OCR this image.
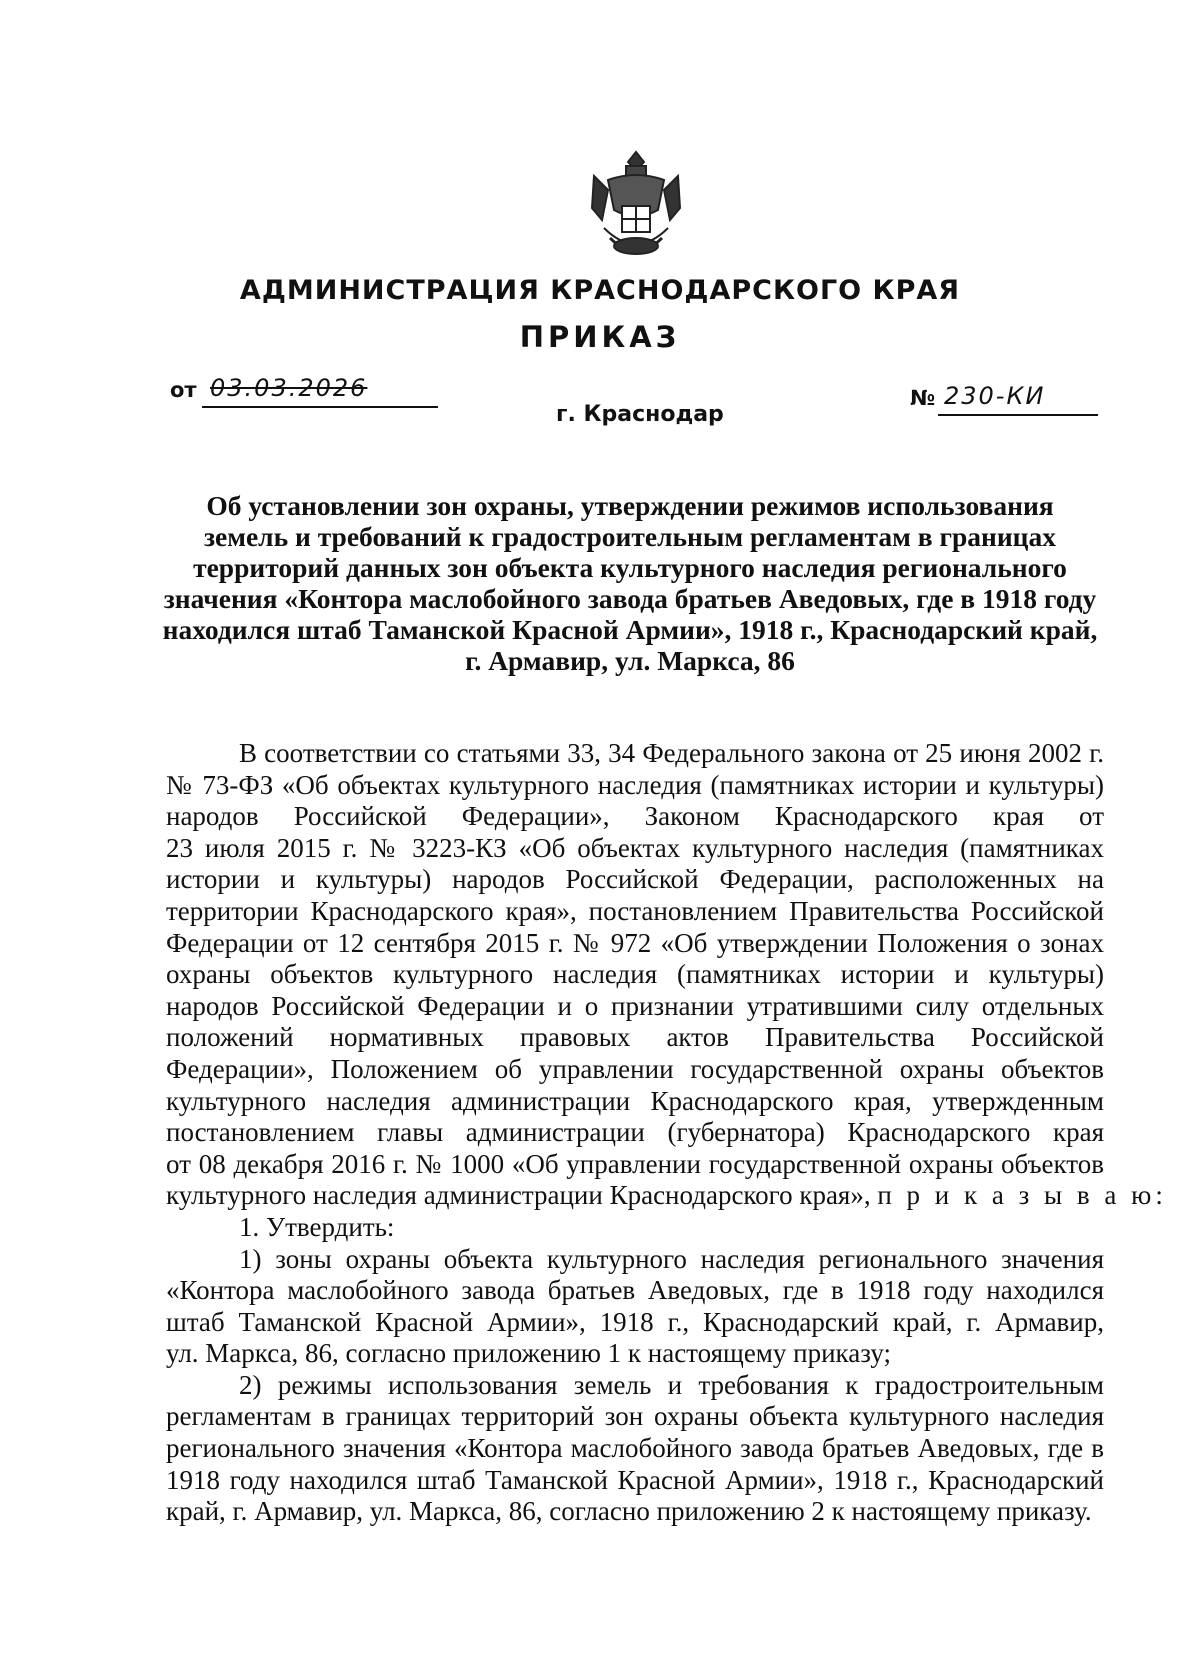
АДМИНИСТРАЦИЯ КРАСНОДАРСКОГО КРАЯ
ПРИКАЗ
от 03.03.2026	№ 230-КИ
г. Краснодар
Об установлении зон охраны, утверждении режимов использования
земель и требований к градостроительным регламентам в границах
территорий данных зон объекта культурного наследия регионального
значения «Контора маслобойного завода братьев Аведовых, где в 1918 году
находился штаб Таманской Красной Армии», 1918 г., Краснодарский край,
г. Армавир, ул. Маркса, 86
В соответствии со статьями 33, 34 Федерального закона от 25 июня 2002 г.
№ 73-ФЗ «Об объектах культурного наследия (памятниках истории и культуры)
народов Российской Федерации», Законом Краснодарского края от
23 июля 2015 г. № 3223-КЗ «Об объектах культурного наследия (памятниках
истории и культуры) народов Российской Федерации, расположенных на
территории Краснодарского края», постановлением Правительства Российской
Федерации от 12 сентября 2015 г. № 972 «Об утверждении Положения о зонах
охраны объектов культурного наследия (памятниках истории и культуры)
народов Российской Федерации и о признании утратившими силу отдельных
положений нормативных правовых актов Правительства Российской
Федерации», Положением об управлении государственной охраны объектов
культурного наследия администрации Краснодарского края, утвержденным
постановлением главы администрации (губернатора) Краснодарского края
от 08 декабря 2016 г. № 1000 «Об управлении государственной охраны объектов
культурного наследия администрации Краснодарского края», п р и к а з ы в а ю:
1. Утвердить:
1) зоны охраны объекта культурного наследия регионального значения
«Контора маслобойного завода братьев Аведовых, где в 1918 году находился
штаб Таманской Красной Армии», 1918 г., Краснодарский край, г. Армавир,
ул. Маркса, 86, согласно приложению 1 к настоящему приказу;
2) режимы использования земель и требования к градостроительным
регламентам в границах территорий зон охраны объекта культурного наследия
регионального значения «Контора маслобойного завода братьев Аведовых, где в
1918 году находился штаб Таманской Красной Армии», 1918 г., Краснодарский
край, г. Армавир, ул. Маркса, 86, согласно приложению 2 к настоящему приказу.
